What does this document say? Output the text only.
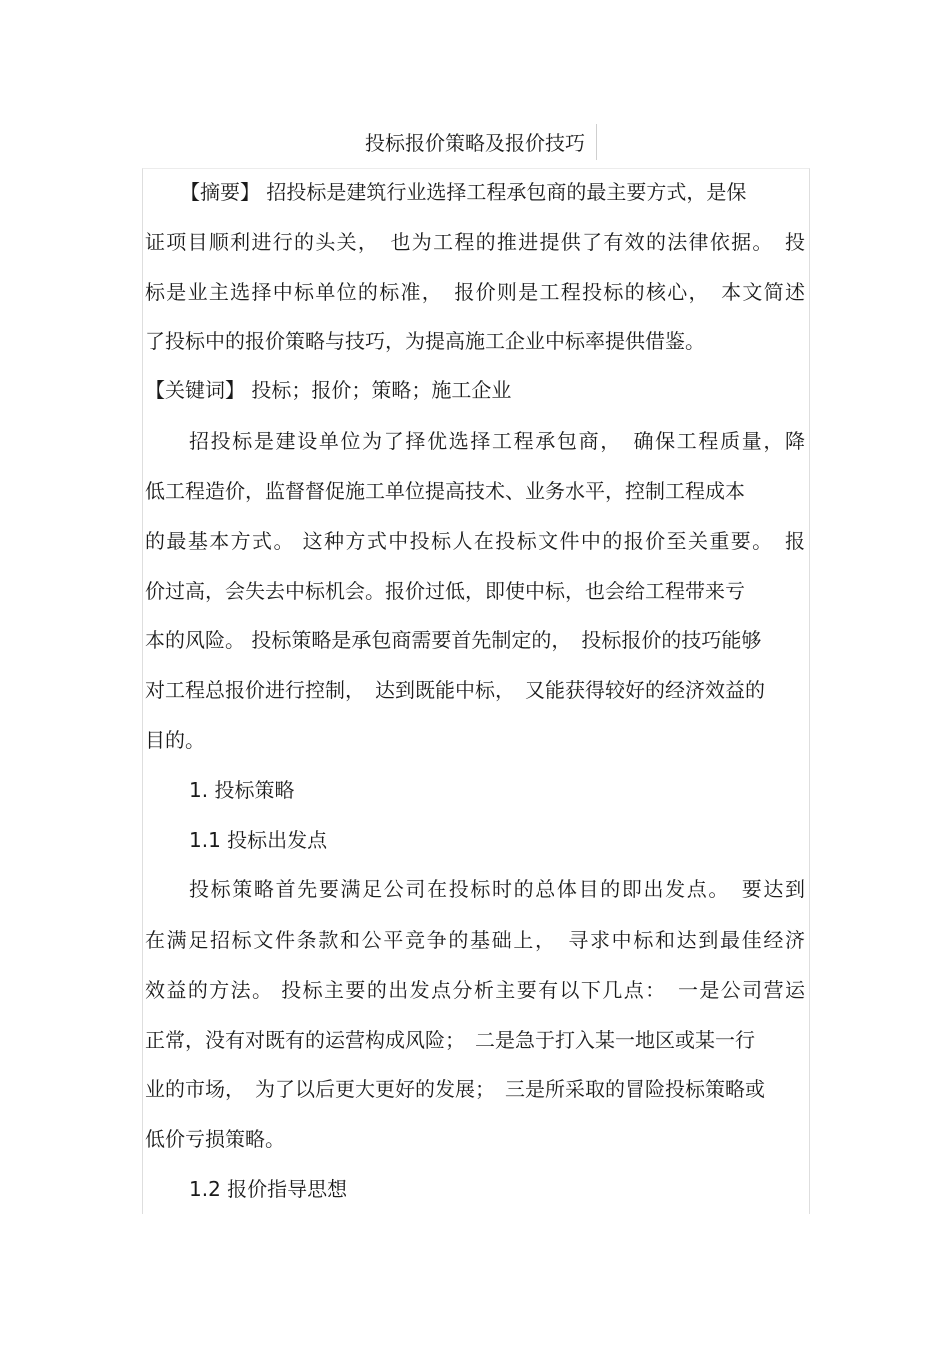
投标报价策略及报价技巧
【摘要】 招投标是建筑行业选择工程承包商的最主要方式，是保
证项目顺利进行的头关，　也为工程的推进提供了有效的法律依据。　投
标是业主选择中标单位的标准，　报价则是工程投标的核心，　本文简述
了投标中的报价策略与技巧，为提高施工企业中标率提供借鉴。
【关键词】 投标；报价；策略；施工企业
招投标是建设单位为了择优选择工程承包商，　确保工程质量，降
低工程造价，监督督促施工单位提高技术、业务水平，控制工程成本
的最基本方式。 这种方式中投标人在投标文件中的报价至关重要。　报
价过高，会失去中标机会。报价过低，即使中标，也会给工程带来亏
本的风险。 投标策略是承包商需要首先制定的，　投标报价的技巧能够
对工程总报价进行控制，　达到既能中标，　又能获得较好的经济效益的
目的。
1. 投标策略
1.1 投标出发点
投标策略首先要满足公司在投标时的总体目的即出发点。　要达到
在满足招标文件条款和公平竞争的基础上，　寻求中标和达到最佳经济
效益的方法。 投标主要的出发点分析主要有以下几点：　一是公司营运
正常，没有对既有的运营构成风险；　二是急于打入某一地区或某一行
业的市场，　为了以后更大更好的发展；　三是所采取的冒险投标策略或
低价亏损策略。
1.2 报价指导思想
